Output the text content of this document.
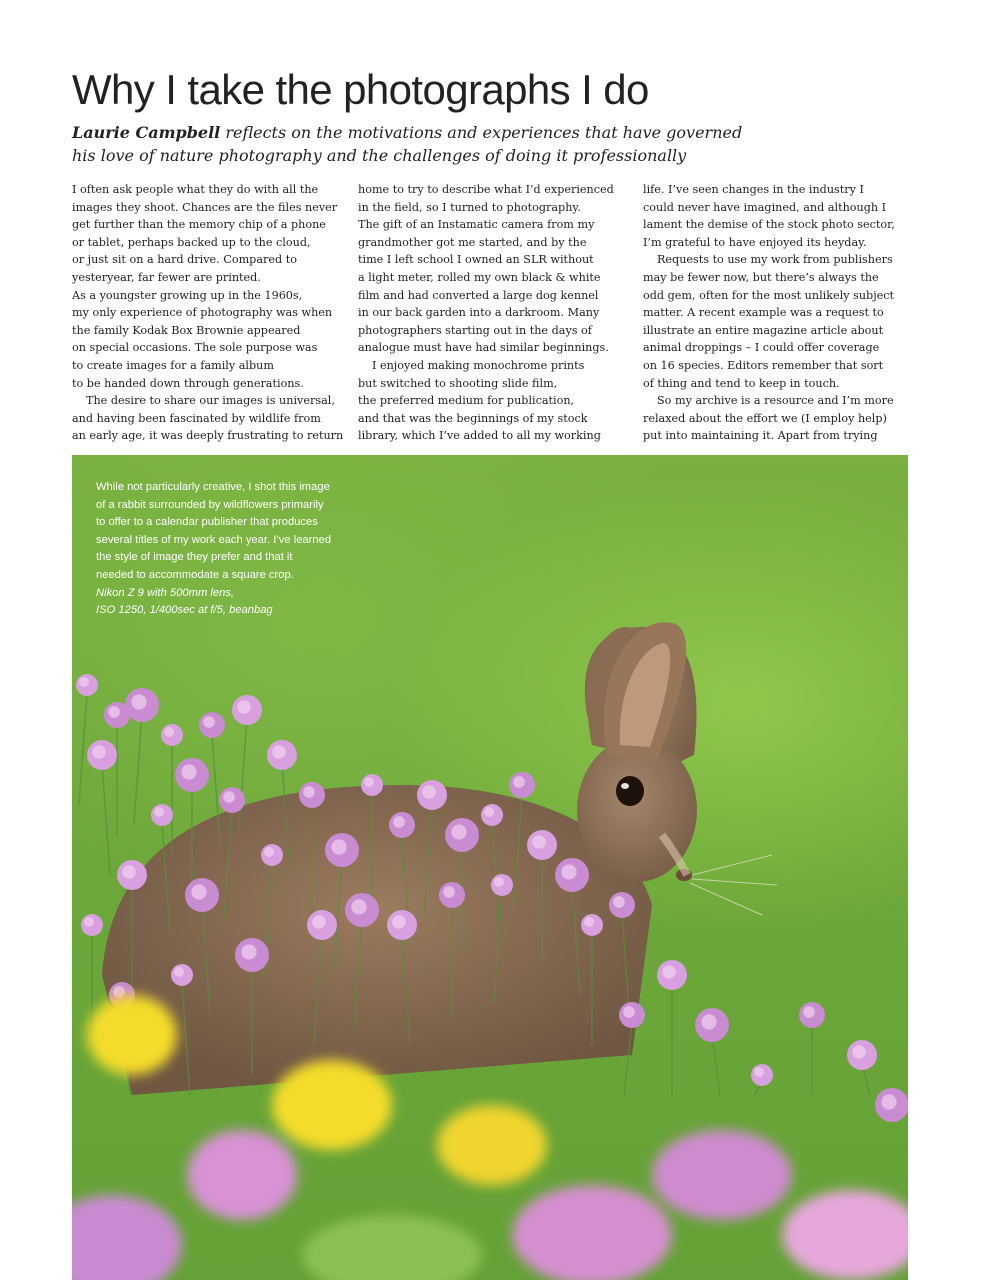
Why I take the photographs I do

Laurie Campbell reflects on the motivations and experiences that have governed
his love of nature photography and the challenges of doing it professionally

I often ask people what they do with all the
images they shoot. Chances are the files never
get further than the memory chip of a phone
or tablet, perhaps backed up to the cloud,
or just sit on a hard drive. Compared to
yesteryear, far fewer are printed.
As a youngster growing up in the 1960s,
my only experience of photography was when
the family Kodak Box Brownie appeared
on special occasions. The sole purpose was
to create images for a family album
to be handed down through generations.
The desire to share our images is universal,
and having been fascinated by wildlife from
an early age, it was deeply frustrating to return
home to try to describe what I’d experienced
in the field, so I turned to photography.
The gift of an Instamatic camera from my
grandmother got me started, and by the
time I left school I owned an SLR without
a light meter, rolled my own black & white
film and had converted a large dog kennel
in our back garden into a darkroom. Many
photographers starting out in the days of
analogue must have had similar beginnings.
I enjoyed making monochrome prints
but switched to shooting slide film,
the preferred medium for publication,
and that was the beginnings of my stock
library, which I’ve added to all my working
life. I’ve seen changes in the industry I
could never have imagined, and although I
lament the demise of the stock photo sector,
I’m grateful to have enjoyed its heyday.
Requests to use my work from publishers
may be fewer now, but there’s always the
odd gem, often for the most unlikely subject
matter. A recent example was a request to
illustrate an entire magazine article about
animal droppings – I could offer coverage
on 16 species. Editors remember that sort
of thing and tend to keep in touch.
So my archive is a resource and I’m more
relaxed about the effort we (I employ help)
put into maintaining it. Apart from trying
While not particularly creative, I shot this image
of a rabbit surrounded by wildflowers primarily
to offer to a calendar publisher that produces
several titles of my work each year. I’ve learned
the style of image they prefer and that it
needed to accommodate a square crop.
Nikon Z 9 with 500mm lens,
ISO 1250, 1/400sec at f/5, beanbag
